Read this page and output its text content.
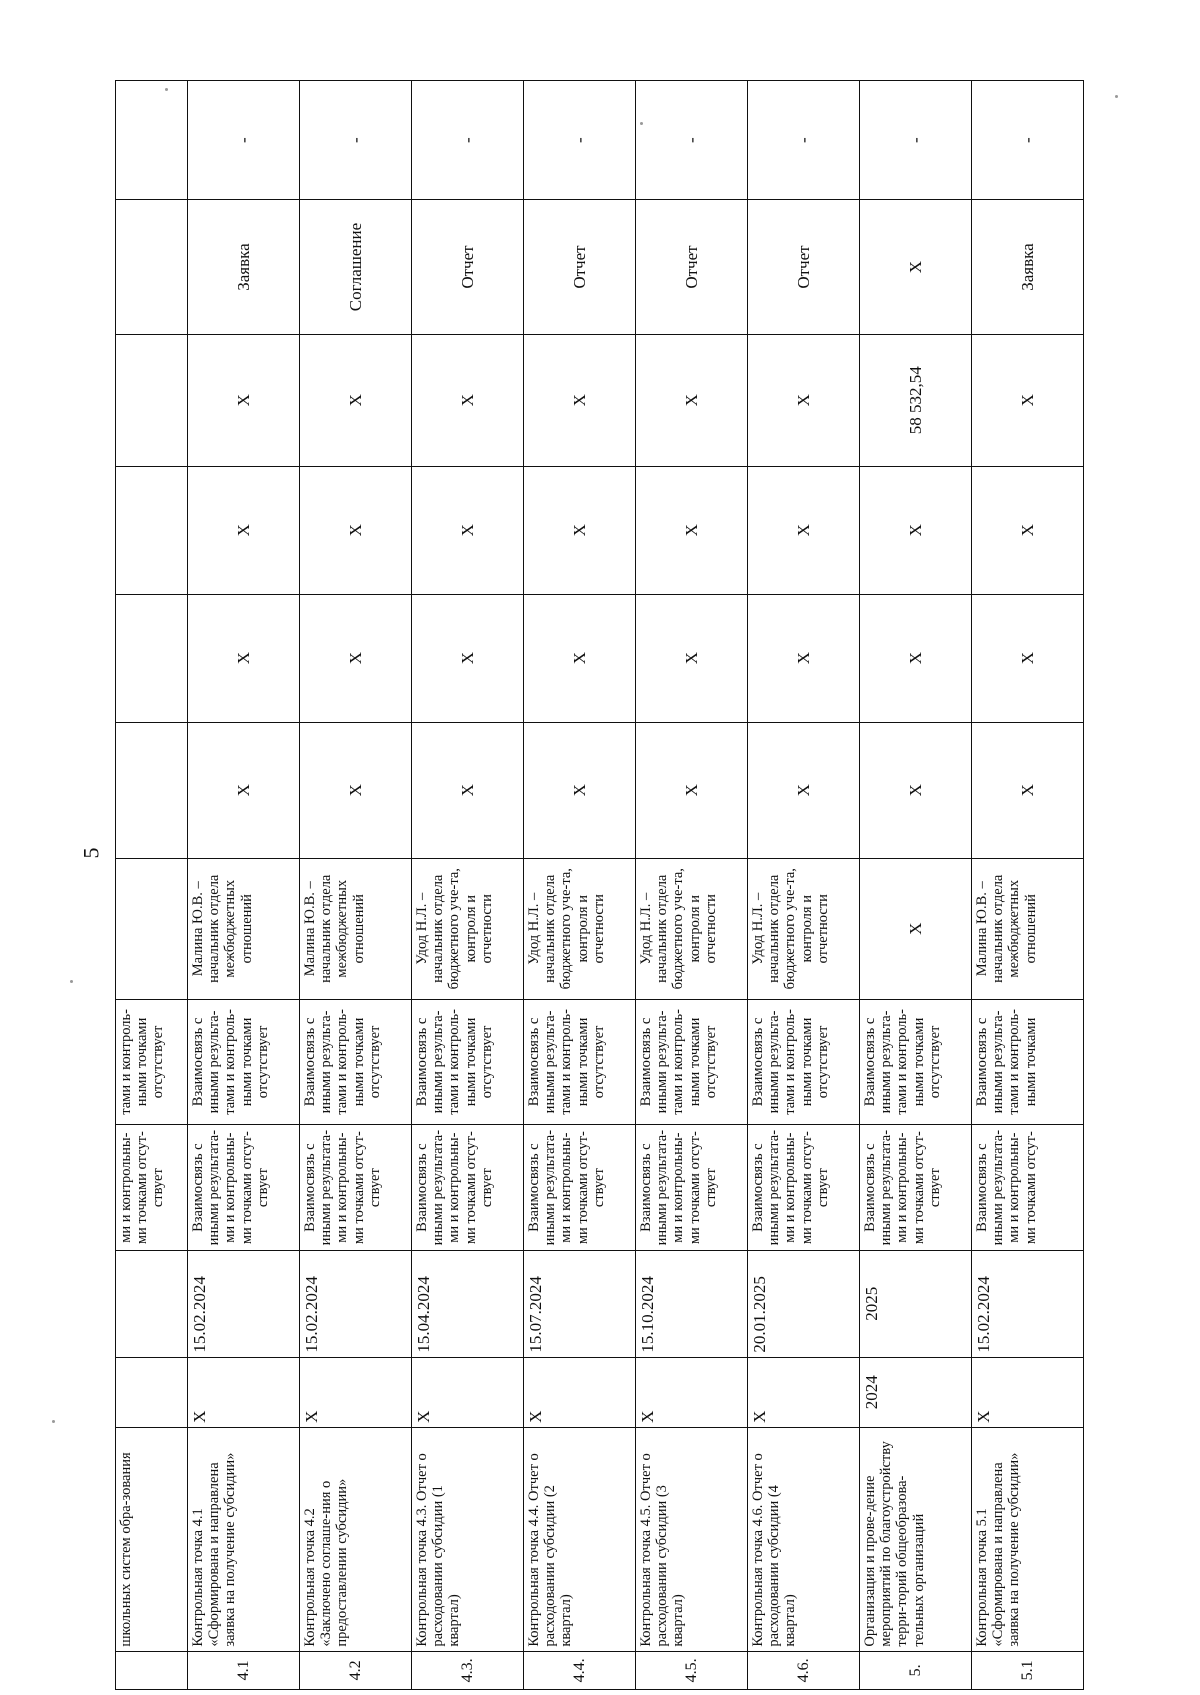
5
	школьных систем обра-зования			ми и контрольны-ми точками отсут-ствует	тами и контроль-ными точками отсутствует							
4.1	Контрольная точка 4.1 «Сформирована и направлена заявка на получение субсидии»	Х	15.02.2024	Взаимосвязь с иными результата-ми и контрольны-ми точками отсут-ствует	Взаимосвязь с иными результа-тами и контроль-ными точками отсутствует	Малина Ю.В. – начальник отдела межбюджетных отношений	Х	Х	Х	Х	Заявка	-
4.2	Контрольная точка 4.2 «Заключено соглаше-ния о предоставлении субсидии»	Х	15.02.2024	Взаимосвязь с иными результата-ми и контрольны-ми точками отсут-ствует	Взаимосвязь с иными результа-тами и контроль-ными точками отсутствует	Малина Ю.В. – начальник отдела межбюджетных отношений	Х	Х	Х	Х	Соглашение	-
4.3.	Контрольная точка 4.3. Отчет о расходовании субсидии (1 квартал)	Х	15.04.2024	Взаимосвязь с иными результата-ми и контрольны-ми точками отсут-ствует	Взаимосвязь с иными результа-тами и контроль-ными точками отсутствует	Удод Н.Л. – начальник отдела бюджетного уче-та, контроля и отчетности	Х	Х	Х	Х	Отчет	-
4.4.	Контрольная точка 4.4. Отчет о расходовании субсидии (2 квартал)	Х	15.07.2024	Взаимосвязь с иными результата-ми и контрольны-ми точками отсут-ствует	Взаимосвязь с иными результа-тами и контроль-ными точками отсутствует	Удод Н.Л. – начальник отдела бюджетного уче-та, контроля и отчетности	Х	Х	Х	Х	Отчет	-
4.5.	Контрольная точка 4.5. Отчет о расходовании субсидии (3 квартал)	Х	15.10.2024	Взаимосвязь с иными результата-ми и контрольны-ми точками отсут-ствует	Взаимосвязь с иными результа-тами и контроль-ными точками отсутствует	Удод Н.Л. – начальник отдела бюджетного уче-та, контроля и отчетности	Х	Х	Х	Х	Отчет	-
4.6.	Контрольная точка 4.6. Отчет о расходовании субсидии (4 квартал)	Х	20.01.2025	Взаимосвязь с иными результата-ми и контрольны-ми точками отсут-ствует	Взаимосвязь с иными результа-тами и контроль-ными точками отсутствует	Удод Н.Л. – начальник отдела бюджетного уче-та, контроля и отчетности	Х	Х	Х	Х	Отчет	-
5.	Организация и прове-дение мероприятий по благоустройству терри-торий общеобразова-тельных организаций	2024	2025	Взаимосвязь с иными результата-ми и контрольны-ми точками отсут-ствует	Взаимосвязь с иными результа-тами и контроль-ными точками отсутствует	Х	Х	Х	Х	58 532,54	Х	-
5.1	Контрольная точка 5.1 «Сформирована и направлена заявка на получение субсидии»	Х	15.02.2024	Взаимосвязь с иными результата-ми и контрольны-ми точками отсут-	Взаимосвязь с иными результа-тами и контроль-ными точками	Малина Ю.В. – начальник отдела межбюджетных отношений	Х	Х	Х	Х	Заявка	-
